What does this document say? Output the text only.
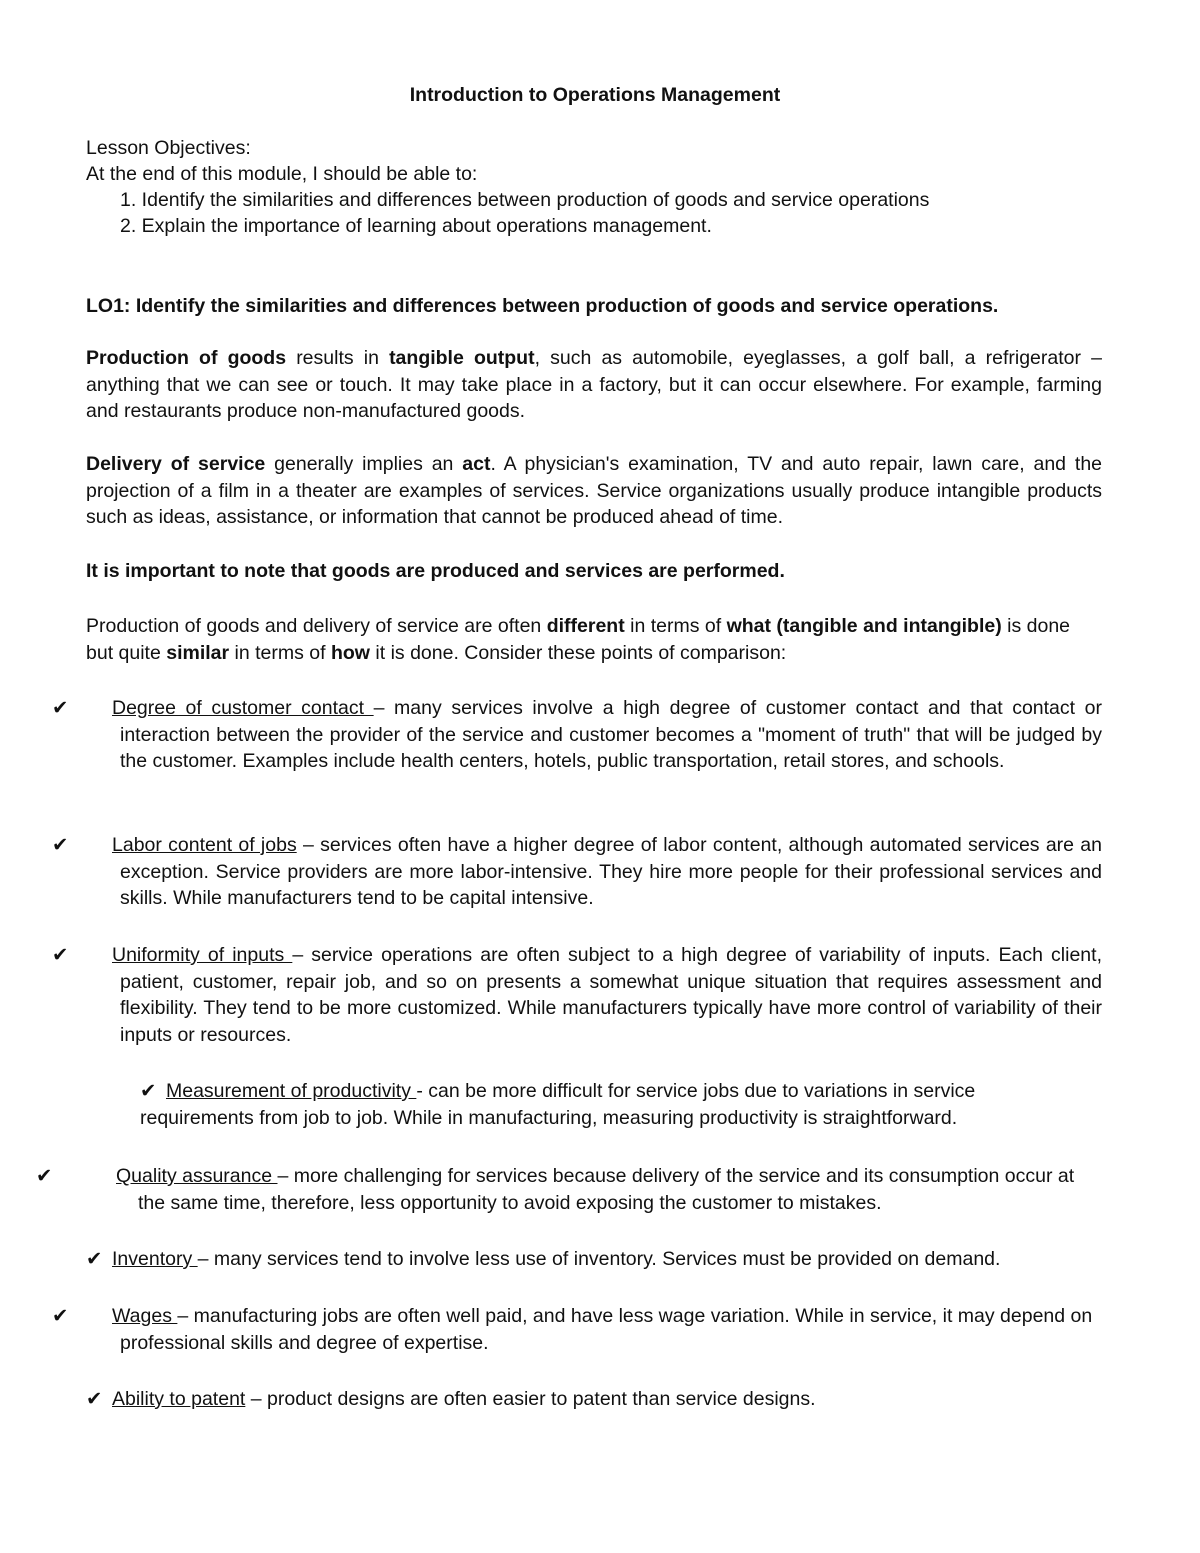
Introduction to Operations Management
Lesson Objectives:
At the end of this module, I should be able to:
1. Identify the similarities and differences between production of goods and service operations
2. Explain the importance of learning about operations management.
LO1: Identify the similarities and differences between production of goods and service operations.
Production of goods results in tangible output, such as automobile, eyeglasses, a golf ball, a refrigerator – anything that we can see or touch. It may take place in a factory, but it can occur elsewhere. For example, farming and restaurants produce non-manufactured goods.
Delivery of service generally implies an act. A physician's examination, TV and auto repair, lawn care, and the projection of a film in a theater are examples of services. Service organizations usually produce intangible products such as ideas, assistance, or information that cannot be produced ahead of time.
It is important to note that goods are produced and services are performed.
Production of goods and delivery of service are often different in terms of what (tangible and intangible) is done but quite similar in terms of how it is done. Consider these points of comparison:
✔ Degree of customer contact – many services involve a high degree of customer contact and that contact or interaction between the provider of the service and customer becomes a "moment of truth" that will be judged by the customer. Examples include health centers, hotels, public transportation, retail stores, and schools.
✔ Labor content of jobs – services often have a higher degree of labor content, although automated services are an exception. Service providers are more labor-intensive. They hire more people for their professional services and skills. While manufacturers tend to be capital intensive.
✔ Uniformity of inputs – service operations are often subject to a high degree of variability of inputs. Each client, patient, customer, repair job, and so on presents a somewhat unique situation that requires assessment and flexibility. They tend to be more customized. While manufacturers typically have more control of variability of their inputs or resources.
✔ Measurement of productivity - can be more difficult for service jobs due to variations in service requirements from job to job. While in manufacturing, measuring productivity is straightforward.
✔	Quality assurance – more challenging for services because delivery of the service and its consumption occur at the same time, therefore, less opportunity to avoid exposing the customer to mistakes.
✔ Inventory – many services tend to involve less use of inventory. Services must be provided on demand.
✔ Wages – manufacturing jobs are often well paid, and have less wage variation. While in service, it may depend on professional skills and degree of expertise.
✔ Ability to patent – product designs are often easier to patent than service designs.
